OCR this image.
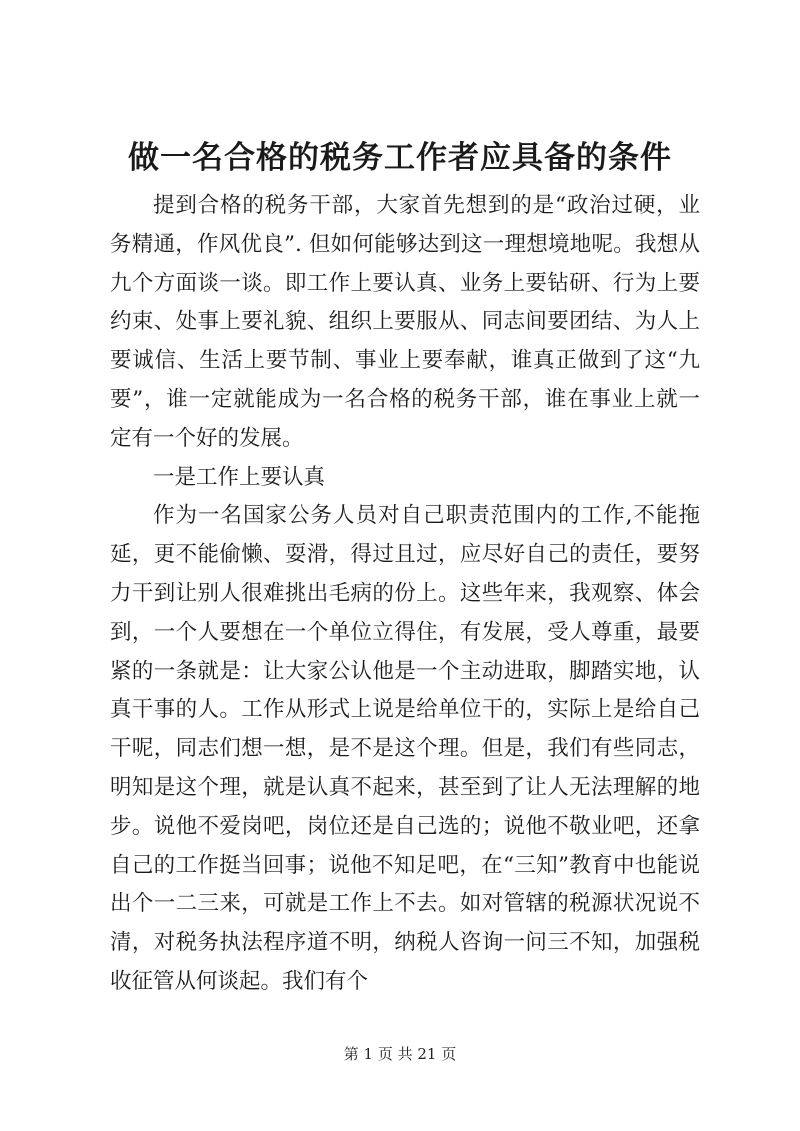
做一名合格的税务工作者应具备的条件

提到合格的税务干部，大家首先想到的是“政治过硬，业务精通，作风优良”. 但如何能够达到这一理想境地呢。我想从九个方面谈一谈。即工作上要认真、业务上要钻研、行为上要约束、处事上要礼貌、组织上要服从、同志间要团结、为人上要诚信、生活上要节制、事业上要奉献，谁真正做到了这“九要”，谁一定就能成为一名合格的税务干部，谁在事业上就一定有一个好的发展。

一是工作上要认真

作为一名国家公务人员对自己职责范围内的工作,不能拖延，更不能偷懒、耍滑，得过且过，应尽好自己的责任，要努力干到让别人很难挑出毛病的份上。这些年来，我观察、体会到，一个人要想在一个单位立得住，有发展，受人尊重，最要紧的一条就是：让大家公认他是一个主动进取，脚踏实地，认真干事的人。工作从形式上说是给单位干的，实际上是给自己干呢，同志们想一想，是不是这个理。但是，我们有些同志，明知是这个理，就是认真不起来，甚至到了让人无法理解的地步。说他不爱岗吧，岗位还是自己选的；说他不敬业吧，还拿自己的工作挺当回事；说他不知足吧，在“三知”教育中也能说出个一二三来，可就是工作上不去。如对管辖的税源状况说不清，对税务执法程序道不明，纳税人咨询一问三不知，加强税收征管从何谈起。我们有个

第 1 页 共 21 页
